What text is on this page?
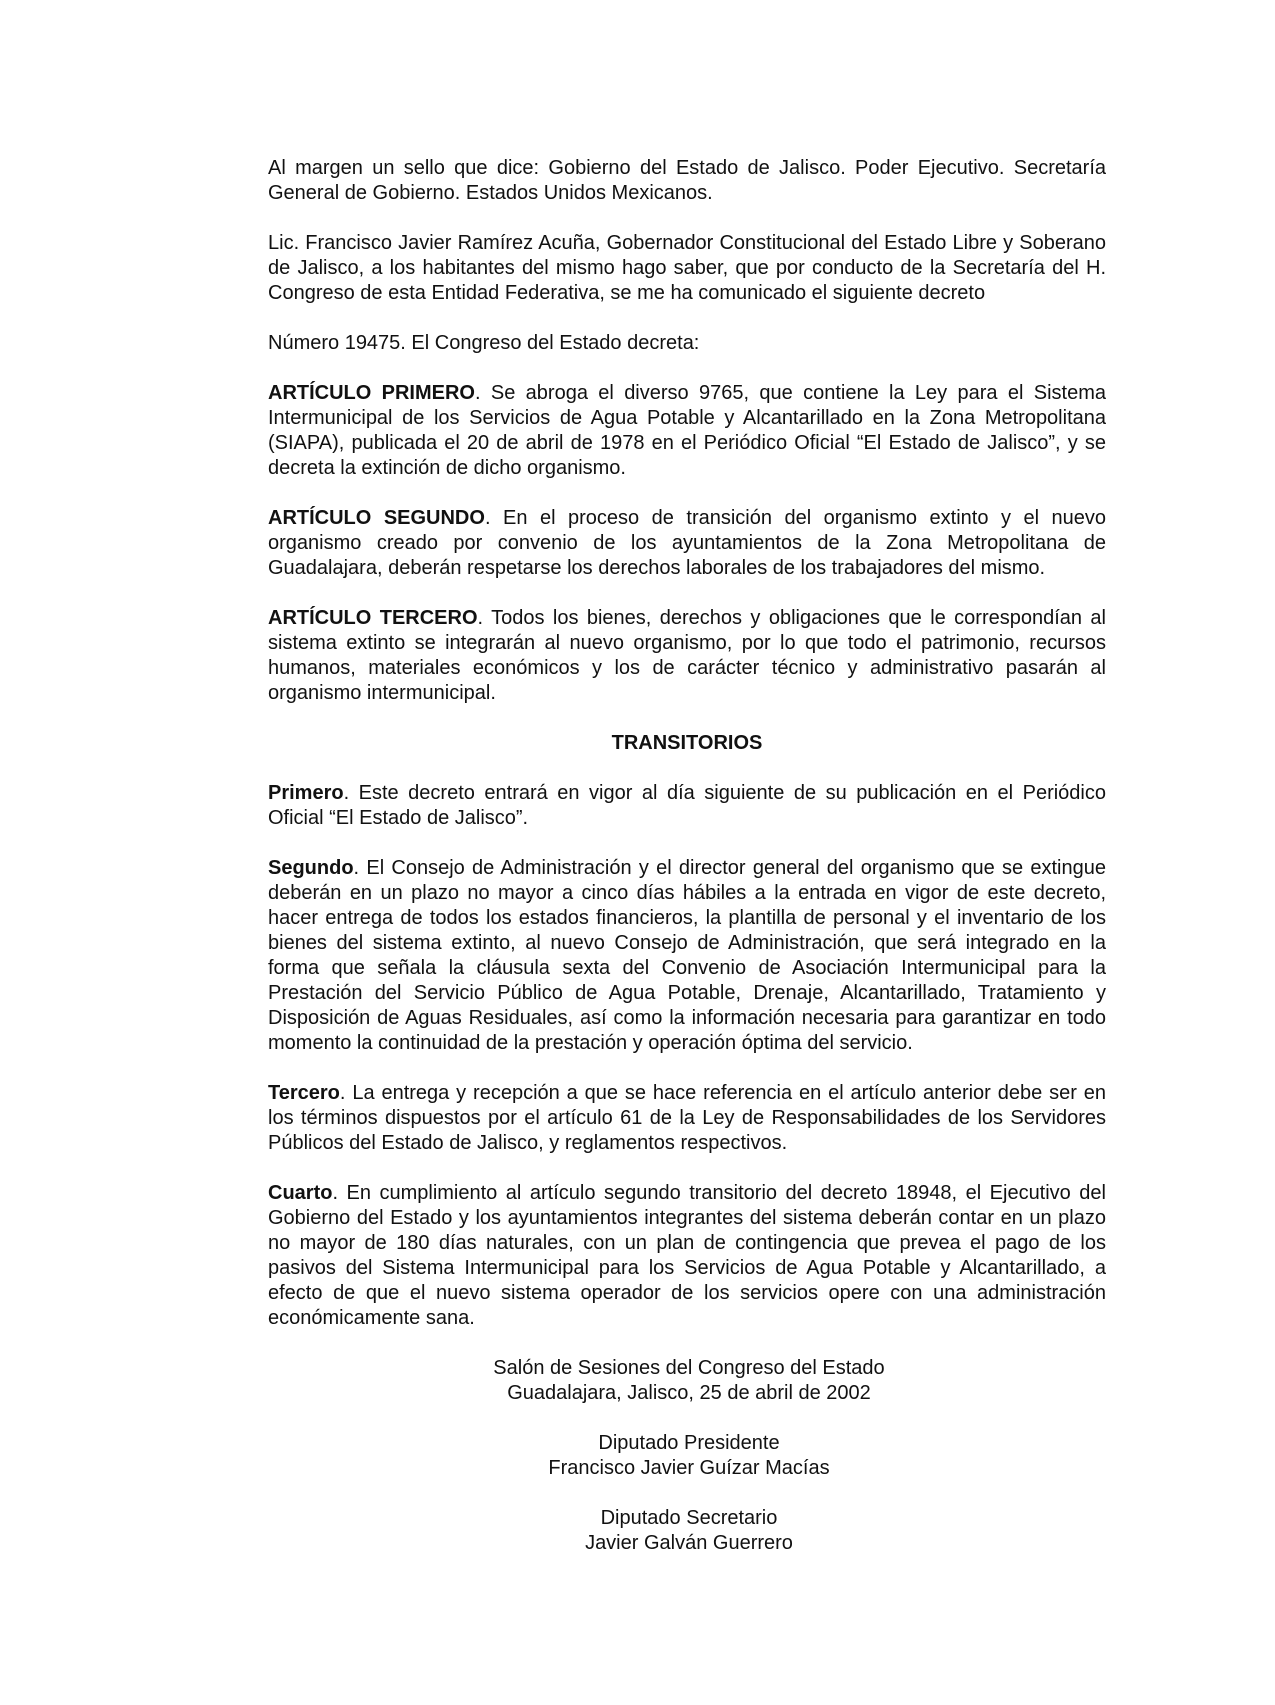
Al margen un sello que dice: Gobierno del Estado de Jalisco. Poder Ejecutivo. Secretaría General de Gobierno. Estados Unidos Mexicanos.

Lic. Francisco Javier Ramírez Acuña, Gobernador Constitucional del Estado Libre y Soberano de Jalisco, a los habitantes del mismo hago saber, que por conducto de la Secretaría del H. Congreso de esta Entidad Federativa, se me ha comunicado el siguiente decreto

Número 19475. El Congreso del Estado decreta:

ARTÍCULO PRIMERO. Se abroga el diverso 9765, que contiene la Ley para el Sistema Intermunicipal de los Servicios de Agua Potable y Alcantarillado en la Zona Metropolitana (SIAPA), publicada el 20 de abril de 1978 en el Periódico Oficial “El Estado de Jalisco”, y se decreta la extinción de dicho organismo.

ARTÍCULO SEGUNDO. En el proceso de transición del organismo extinto y el nuevo organismo creado por convenio de los ayuntamientos de la Zona Metropolitana de Guadalajara, deberán respetarse los derechos laborales de los trabajadores del mismo.

ARTÍCULO TERCERO. Todos los bienes, derechos y obligaciones que le correspondían al sistema extinto se integrarán al nuevo organismo, por lo que todo el patrimonio, recursos humanos, materiales económicos y los de carácter técnico y administrativo pasarán al organismo intermunicipal.

TRANSITORIOS

Primero. Este decreto entrará en vigor al día siguiente de su publicación en el Periódico Oficial “El Estado de Jalisco”.

Segundo. El Consejo de Administración y el director general del organismo que se extingue deberán en un plazo no mayor a cinco días hábiles a la entrada en vigor de este decreto, hacer entrega de todos los estados financieros, la plantilla de personal y el inventario de los bienes del sistema extinto, al nuevo Consejo de Administración, que será integrado en la forma que señala la cláusula sexta del Convenio de Asociación Intermunicipal para la Prestación del Servicio Público de Agua Potable, Drenaje, Alcantarillado, Tratamiento y Disposición de Aguas Residuales, así como la información necesaria para garantizar en todo momento la continuidad de la prestación y operación óptima del servicio.

Tercero. La entrega y recepción a que se hace referencia en el artículo anterior debe ser en los términos dispuestos por el artículo 61 de la Ley de Responsabilidades de los Servidores Públicos del Estado de Jalisco, y reglamentos respectivos.

Cuarto. En cumplimiento al artículo segundo transitorio del decreto 18948, el Ejecutivo del Gobierno del Estado y los ayuntamientos integrantes del sistema deberán contar en un plazo no mayor de 180 días naturales, con un plan de contingencia que prevea el pago de los pasivos del Sistema Intermunicipal para los Servicios de Agua Potable y Alcantarillado, a efecto de que el nuevo sistema operador de los servicios opere con una administración económicamente sana.

Salón de Sesiones del Congreso del Estado
Guadalajara, Jalisco, 25 de abril de 2002
Diputado Presidente
Francisco Javier Guízar Macías
Diputado Secretario
Javier Galván Guerrero
